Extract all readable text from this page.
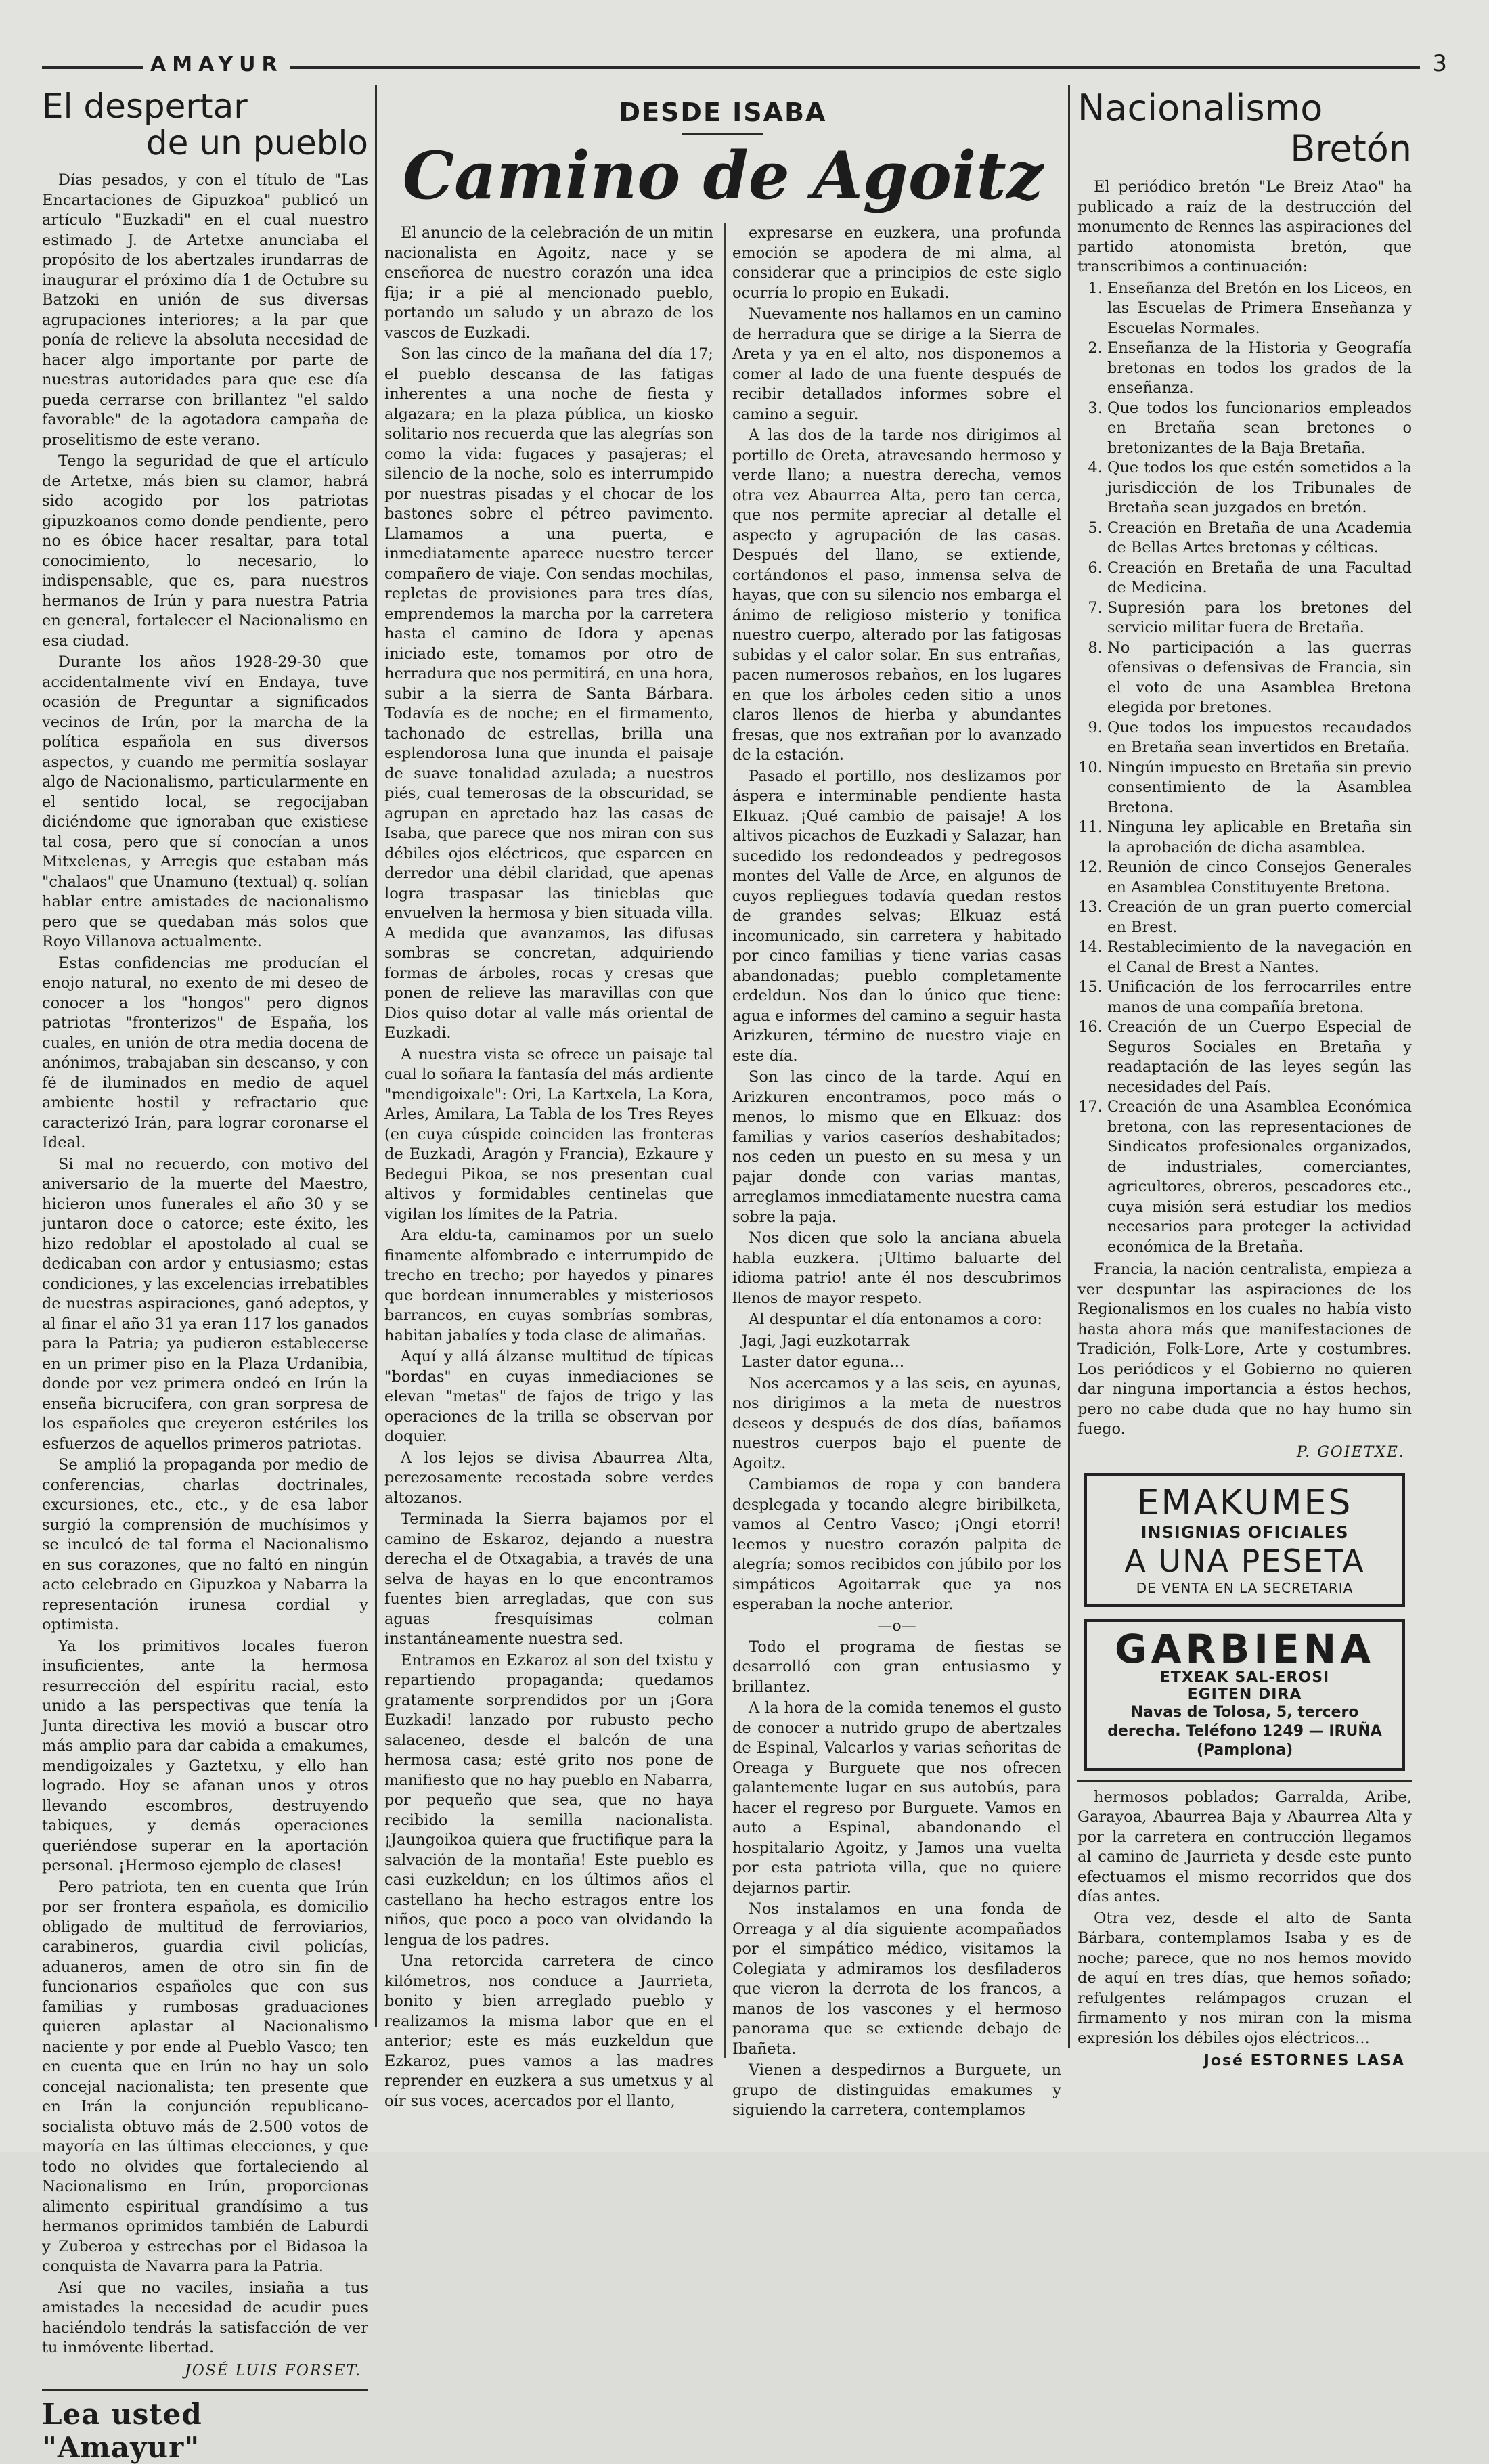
AMAYUR	3
El despertar
de un pueblo

Días pesados, y con el título de "Las Encartaciones de Gipuzkoa" publicó un artículo "Euzkadi" en el cual nuestro estimado J. de Artetxe anunciaba el propósito de los abertzales irundarras de inaugurar el próximo día 1 de Octubre su Batzoki en unión de sus diversas agrupaciones interiores; a la par que ponía de relieve la absoluta necesidad de hacer algo importante por parte de nuestras autoridades para que ese día pueda cerrarse con brillantez "el saldo favorable" de la agotadora campaña de proselitismo de este verano.

Tengo la seguridad de que el artículo de Artetxe, más bien su clamor, habrá sido acogido por los patriotas gipuzkoanos como donde pendiente, pero no es óbice hacer resaltar, para total conocimiento, lo necesario, lo indispensable, que es, para nuestros hermanos de Irún y para nuestra Patria en general, fortalecer el Nacionalismo en esa ciudad.

Durante los años 1928-29-30 que accidentalmente viví en Endaya, tuve ocasión de Preguntar a significados vecinos de Irún, por la marcha de la política española en sus diversos aspectos, y cuando me permitía soslayar algo de Nacionalismo, particularmente en el sentido local, se regocijaban diciéndome que ignoraban que existiese tal cosa, pero que sí conocían a unos Mitxelenas, y Arregis que estaban más "chalaos" que Unamuno (textual) q. solían hablar entre amistades de nacionalismo pero que se quedaban más solos que Royo Villanova actualmente.

Estas confidencias me producían el enojo natural, no exento de mi deseo de conocer a los "hongos" pero dignos patriotas "fronterizos" de España, los cuales, en unión de otra media docena de anónimos, trabajaban sin descanso, y con fé de iluminados en medio de aquel ambiente hostil y refractario que caracterizó Irán, para lograr coronarse el Ideal.

Si mal no recuerdo, con motivo del aniversario de la muerte del Maestro, hicieron unos funerales el año 30 y se juntaron doce o catorce; este éxito, les hizo redoblar el apostolado al cual se dedicaban con ardor y entusiasmo; estas condiciones, y las excelencias irrebatibles de nuestras aspiraciones, ganó adeptos, y al finar el año 31 ya eran 117 los ganados para la Patria; ya pudieron establecerse en un primer piso en la Plaza Urdanibia, donde por vez primera ondeó en Irún la enseña bicrucifera, con gran sorpresa de los españoles que creyeron estériles los esfuerzos de aquellos primeros patriotas.

Se amplió la propaganda por medio de conferencias, charlas doctrinales, excursiones, etc., etc., y de esa labor surgió la comprensión de muchísimos y se inculcó de tal forma el Nacionalismo en sus corazones, que no faltó en ningún acto celebrado en Gipuzkoa y Nabarra la representación irunesa cordial y optimista.

Ya los primitivos locales fueron insuficientes, ante la hermosa resurrección del espíritu racial, esto unido a las perspectivas que tenía la Junta directiva les movió a buscar otro más amplio para dar cabida a emakumes, mendigoizales y Gaztetxu, y ello han logrado. Hoy se afanan unos y otros llevando escombros, destruyendo tabiques, y demás operaciones queriéndose superar en la aportación personal. ¡Hermoso ejemplo de clases!

Pero patriota, ten en cuenta que Irún por ser frontera española, es domicilio obligado de multitud de ferroviarios, carabineros, guardia civil policías, aduaneros, amen de otro sin fin de funcionarios españoles que con sus familias y rumbosas graduaciones quieren aplastar al Nacionalismo naciente y por ende al Pueblo Vasco; ten en cuenta que en Irún no hay un solo concejal nacionalista; ten presente que en Irán la conjunción republicano-socialista obtuvo más de 2.500 votos de mayoría en las últimas elecciones, y que todo no olvides que fortaleciendo al Nacionalismo en Irún, proporcionas alimento espiritual grandísimo a tus hermanos oprimidos también de Laburdi y Zuberoa y estrechas por el Bidasoa la conquista de Navarra para la Patria.

Así que no vaciles, insiaña a tus amistades la necesidad de acudir pues haciéndolo tendrás la satisfacción de ver tu inmóvente libertad.

JOSÉ LUIS FORSET.
Lea usted "Amayur"
DESDE ISABA
Camino de Agoitz

El anuncio de la celebración de un mitin nacionalista en Agoitz, nace y se enseñorea de nuestro corazón una idea fija; ir a pié al mencionado pueblo, portando un saludo y un abrazo de los vascos de Euzkadi.

Son las cinco de la mañana del día 17; el pueblo descansa de las fatigas inherentes a una noche de fiesta y algazara; en la plaza pública, un kiosko solitario nos recuerda que las alegrías son como la vida: fugaces y pasajeras; el silencio de la noche, solo es interrumpido por nuestras pisadas y el chocar de los bastones sobre el pétreo pavimento. Llamamos a una puerta, e inmediatamente aparece nuestro tercer compañero de viaje. Con sendas mochilas, repletas de provisiones para tres días, emprendemos la marcha por la carretera hasta el camino de Idora y apenas iniciado este, tomamos por otro de herradura que nos permitirá, en una hora, subir a la sierra de Santa Bárbara. Todavía es de noche; en el firmamento, tachonado de estrellas, brilla una esplendorosa luna que inunda el paisaje de suave tonalidad azulada; a nuestros piés, cual temerosas de la obscuridad, se agrupan en apretado haz las casas de Isaba, que parece que nos miran con sus débiles ojos eléctricos, que esparcen en derredor una débil claridad, que apenas logra traspasar las tinieblas que envuelven la hermosa y bien situada villa. A medida que avanzamos, las difusas sombras se concretan, adquiriendo formas de árboles, rocas y cresas que ponen de relieve las maravillas con que Dios quiso dotar al valle más oriental de Euzkadi.

A nuestra vista se ofrece un paisaje tal cual lo soñara la fantasía del más ardiente "mendigoixale": Ori, La Kartxela, La Kora, Arles, Amilara, La Tabla de los Tres Reyes (en cuya cúspide coinciden las fronteras de Euzkadi, Aragón y Francia), Ezkaure y Bedegui Pikoa, se nos presentan cual altivos y formidables centinelas que vigilan los límites de la Patria.

Ara eldu-ta, caminamos por un suelo finamente alfombrado e interrumpido de trecho en trecho; por hayedos y pinares que bordean innumerables y misteriosos barrancos, en cuyas sombrías sombras, habitan jabalíes y toda clase de alimañas.

Aquí y allá álzanse multitud de típicas "bordas" en cuyas inmediaciones se elevan "metas" de fajos de trigo y las operaciones de la trilla se observan por doquier.

A los lejos se divisa Abaurrea Alta, perezosamente recostada sobre verdes altozanos.

Terminada la Sierra bajamos por el camino de Eskaroz, dejando a nuestra derecha el de Otxagabia, a través de una selva de hayas en lo que encontramos fuentes bien arregladas, que con sus aguas fresquísimas colman instantáneamente nuestra sed.

Entramos en Ezkaroz al son del txistu y repartiendo propaganda; quedamos gratamente sorprendidos por un ¡Gora Euzkadi! lanzado por rubusto pecho salaceneo, desde el balcón de una hermosa casa; esté grito nos pone de manifiesto que no hay pueblo en Nabarra, por pequeño que sea, que no haya recibido la semilla nacionalista. ¡Jaungoikoa quiera que fructifique para la salvación de la montaña! Este pueblo es casi euzkeldun; en los últimos años el castellano ha hecho estragos entre los niños, que poco a poco van olvidando la lengua de los padres.

Una retorcida carretera de cinco kilómetros, nos conduce a Jaurrieta, bonito y bien arreglado pueblo y realizamos la misma labor que en el anterior; este es más euzkeldun que Ezkaroz, pues vamos a las madres reprender en euzkera a sus umetxus y al oír sus voces, acercados por el llanto,

expresarse en euzkera, una profunda emoción se apodera de mi alma, al considerar que a principios de este siglo ocurría lo propio en Eukadi.

Nuevamente nos hallamos en un camino de herradura que se dirige a la Sierra de Areta y ya en el alto, nos disponemos a comer al lado de una fuente después de recibir detallados informes sobre el camino a seguir.

A las dos de la tarde nos dirigimos al portillo de Oreta, atravesando hermoso y verde llano; a nuestra derecha, vemos otra vez Abaurrea Alta, pero tan cerca, que nos permite apreciar al detalle el aspecto y agrupación de las casas. Después del llano, se extiende, cortándonos el paso, inmensa selva de hayas, que con su silencio nos embarga el ánimo de religioso misterio y tonifica nuestro cuerpo, alterado por las fatigosas subidas y el calor solar. En sus entrañas, pacen numerosos rebaños, en los lugares en que los árboles ceden sitio a unos claros llenos de hierba y abundantes fresas, que nos extrañan por lo avanzado de la estación.

Pasado el portillo, nos deslizamos por áspera e interminable pendiente hasta Elkuaz. ¡Qué cambio de paisaje! A los altivos picachos de Euzkadi y Salazar, han sucedido los redondeados y pedregosos montes del Valle de Arce, en algunos de cuyos repliegues todavía quedan restos de grandes selvas; Elkuaz está incomunicado, sin carretera y habitado por cinco familias y tiene varias casas abandonadas; pueblo completamente erdeldun. Nos dan lo único que tiene: agua e informes del camino a seguir hasta Arizkuren, término de nuestro viaje en este día.

Son las cinco de la tarde. Aquí en Arizkuren encontramos, poco más o menos, lo mismo que en Elkuaz: dos familias y varios caseríos deshabitados; nos ceden un puesto en su mesa y un pajar donde con varias mantas, arreglamos inmediatamente nuestra cama sobre la paja.

Nos dicen que solo la anciana abuela habla euzkera. ¡Ultimo baluarte del idioma patrio! ante él nos descubrimos llenos de mayor respeto.

Al despuntar el día entonamos a coro:

Jagi, Jagi euzkotarrak

Laster dator eguna...

Nos acercamos y a las seis, en ayunas, nos dirigimos a la meta de nuestros deseos y después de dos días, bañamos nuestros cuerpos bajo el puente de Agoitz.

Cambiamos de ropa y con bandera desplegada y tocando alegre biribilketa, vamos al Centro Vasco; ¡Ongi etorri! leemos y nuestro corazón palpita de alegría; somos recibidos con júbilo por los simpáticos Agoitarrak que ya nos esperaban la noche anterior.

—o—

Todo el programa de fiestas se desarrolló con gran entusiasmo y brillantez.

A la hora de la comida tenemos el gusto de conocer a nutrido grupo de abertzales de Espinal, Valcarlos y varias señoritas de Oreaga y Burguete que nos ofrecen galantemente lugar en sus autobús, para hacer el regreso por Burguete. Vamos en auto a Espinal, abandonando el hospitalario Agoitz, y Jamos una vuelta por esta patriota villa, que no quiere dejarnos partir.

Nos instalamos en una fonda de Orreaga y al día siguiente acompañados por el simpático médico, visitamos la Colegiata y admiramos los desfiladeros que vieron la derrota de los francos, a manos de los vascones y el hermoso panorama que se extiende debajo de Ibañeta.

Vienen a despedirnos a Burguete, un grupo de distinguidas emakumes y siguiendo la carretera, contemplamos

Nacionalismo
Bretón

El periódico bretón "Le Breiz Atao" ha publicado a raíz de la destrucción del monumento de Rennes las aspiraciones del partido atonomista bretón, que transcribimos a continuación:

1. Enseñanza del Bretón en los Liceos, en las Escuelas de Primera Enseñanza y Escuelas Normales.
2. Enseñanza de la Historia y Geografía bretonas en todos los grados de la enseñanza.
3. Que todos los funcionarios empleados en Bretaña sean bretones o bretonizantes de la Baja Bretaña.
4. Que todos los que estén sometidos a la jurisdicción de los Tribunales de Bretaña sean juzgados en bretón.
5. Creación en Bretaña de una Academia de Bellas Artes bretonas y célticas.
6. Creación en Bretaña de una Facultad de Medicina.
7. Supresión para los bretones del servicio militar fuera de Bretaña.
8. No participación a las guerras ofensivas o defensivas de Francia, sin el voto de una Asamblea Bretona elegida por bretones.
9. Que todos los impuestos recaudados en Bretaña sean invertidos en Bretaña.
10. Ningún impuesto en Bretaña sin previo consentimiento de la Asamblea Bretona.
11. Ninguna ley aplicable en Bretaña sin la aprobación de dicha asamblea.
12. Reunión de cinco Consejos Generales en Asamblea Constituyente Bretona.
13. Creación de un gran puerto comercial en Brest.
14. Restablecimiento de la navegación en el Canal de Brest a Nantes.
15. Unificación de los ferrocarriles entre manos de una compañía bretona.
16. Creación de un Cuerpo Especial de Seguros Sociales en Bretaña y readaptación de las leyes según las necesidades del País.
17. Creación de una Asamblea Económica bretona, con las representaciones de Sindicatos profesionales organizados, de industriales, comerciantes, agricultores, obreros, pescadores etc., cuya misión será estudiar los medios necesarios para proteger la actividad económica de la Bretaña.

Francia, la nación centralista, empieza a ver despuntar las aspiraciones de los Regionalismos en los cuales no había visto hasta ahora más que manifestaciones de Tradición, Folk-Lore, Arte y costumbres. Los periódicos y el Gobierno no quieren dar ninguna importancia a éstos hechos, pero no cabe duda que no hay humo sin fuego.

P. GOIETXE.
EMAKUMES
INSIGNIAS OFICIALES
A UNA PESETA
DE VENTA EN LA SECRETARIA
GARBIENA
ETXEAK SAL-EROSI
EGITEN DIRA
Navas de Tolosa, 5, tercero derecha. Teléfono 1249 — IRUÑA
(Pamplona)

hermosos poblados; Garralda, Aribe, Garayoa, Abaurrea Baja y Abaurrea Alta y por la carretera en contrucción llegamos al camino de Jaurrieta y desde este punto efectuamos el mismo recorridos que dos días antes.

Otra vez, desde el alto de Santa Bárbara, contemplamos Isaba y es de noche; parece, que no nos hemos movido de aquí en tres días, que hemos soñado; refulgentes relámpagos cruzan el firmamento y nos miran con la misma expresión los débiles ojos eléctricos...

José ESTORNES LASA
